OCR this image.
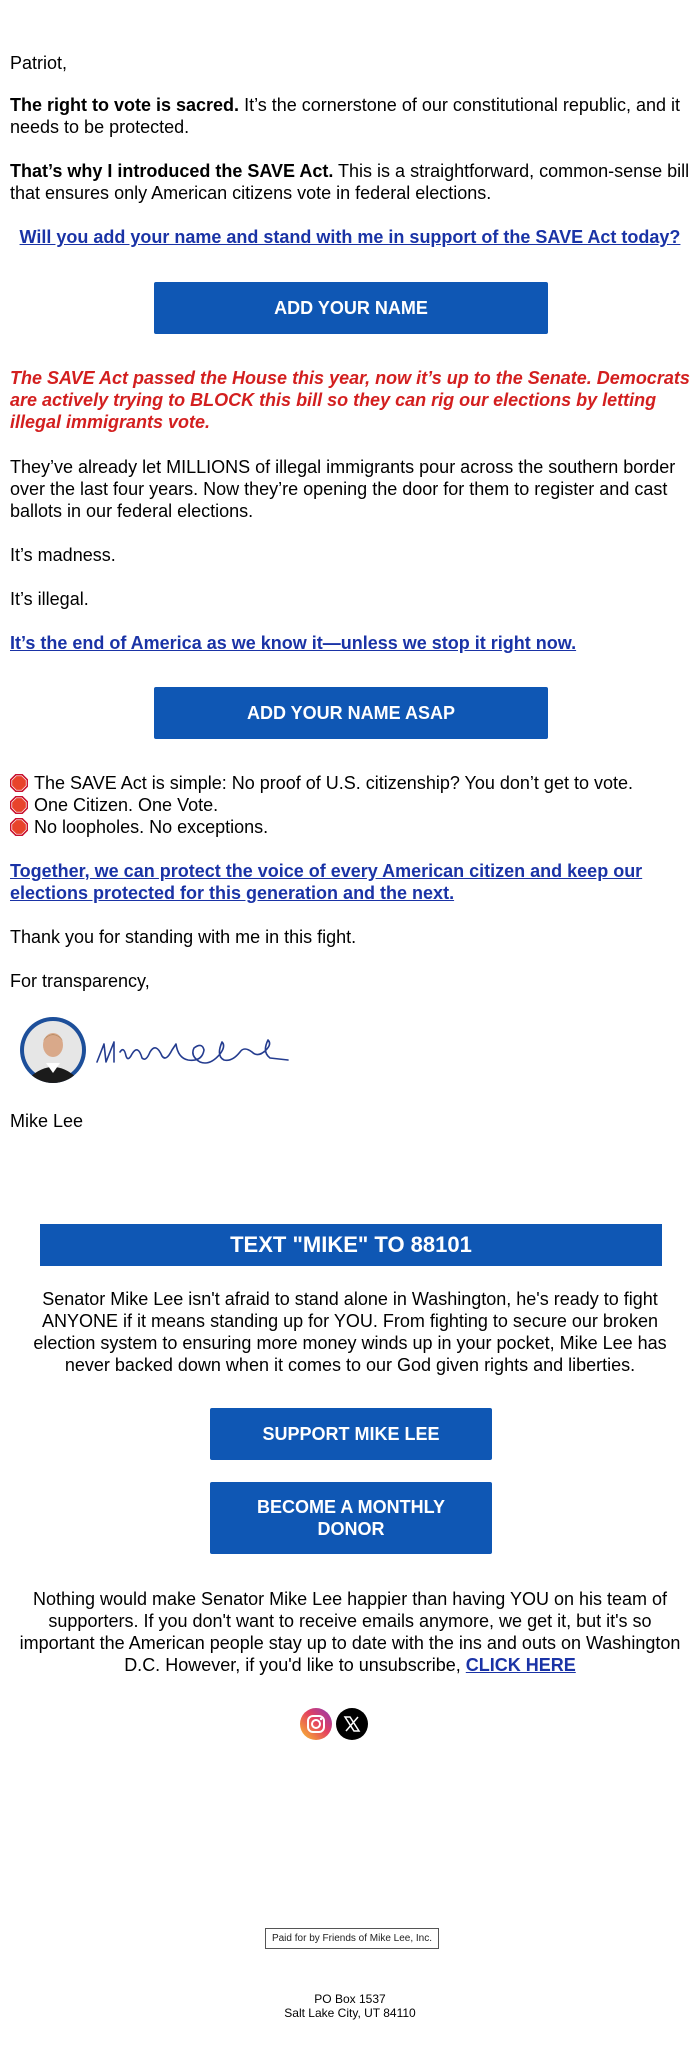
Patriot,
The right to vote is sacred. It’s the cornerstone of our constitutional republic, and it needs to be protected.
That’s why I introduced the SAVE Act. This is a straightforward, common-sense bill that ensures only American citizens vote in federal elections.
Will you add your name and stand with me in support of the SAVE Act today?
ADD YOUR NAME
The SAVE Act passed the House this year, now it’s up to the Senate. Democrats are actively trying to BLOCK this bill so they can rig our elections by letting illegal immigrants vote.
They’ve already let MILLIONS of illegal immigrants pour across the southern border over the last four years. Now they’re opening the door for them to register and cast ballots in our federal elections.
It’s madness.
It’s illegal.
It’s the end of America as we know it—unless we stop it right now.
ADD YOUR NAME ASAP
The SAVE Act is simple: No proof of U.S. citizenship? You don’t get to vote.
One Citizen. One Vote.
No loopholes. No exceptions.
Together, we can protect the voice of every American citizen and keep our elections protected for this generation and the next.
Thank you for standing with me in this fight.
For transparency,
Mike Lee
TEXT "MIKE" TO 88101
Senator Mike Lee isn't afraid to stand alone in Washington, he's ready to fight ANYONE if it means standing up for YOU. From fighting to secure our broken election system to ensuring more money winds up in your pocket, Mike Lee has never backed down when it comes to our God given rights and liberties.
SUPPORT MIKE LEE
BECOME A MONTHLY DONOR
Nothing would make Senator Mike Lee happier than having YOU on his team of supporters. If you don't want to receive emails anymore, we get it, but it's so important the American people stay up to date with the ins and outs on Washington D.C. However, if you'd like to unsubscribe, CLICK HERE
Paid for by Friends of Mike Lee, Inc.
PO Box 1537
Salt Lake City, UT 84110
